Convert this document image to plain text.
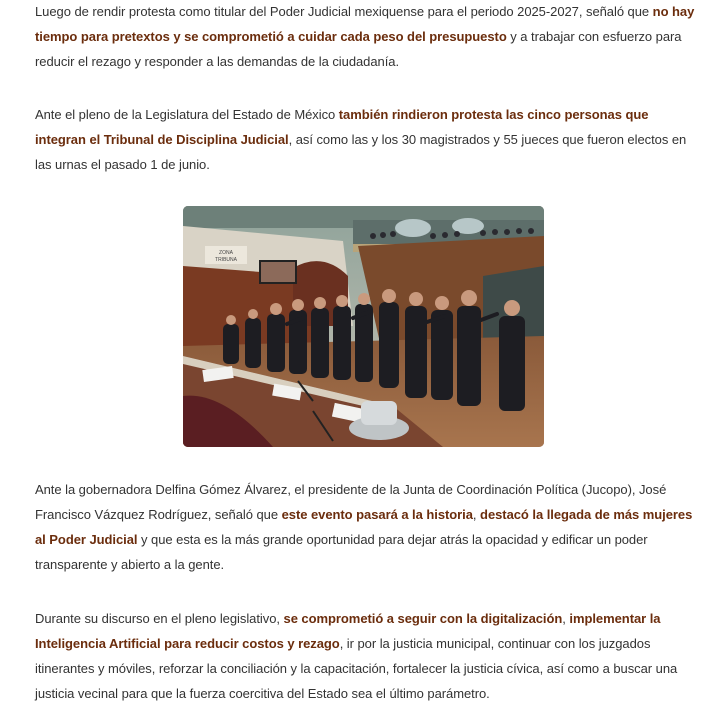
Luego de rendir protesta como titular del Poder Judicial mexiquense para el periodo 2025-2027, señaló que no hay tiempo para pretextos y se comprometió a cuidar cada peso del presupuesto y a trabajar con esfuerzo para reducir el rezago y responder a las demandas de la ciudadanía.

Ante el pleno de la Legislatura del Estado de México también rindieron protesta las cinco personas que integran el Tribunal de Disciplina Judicial, así como las y los 30 magistrados y 55 jueces que fueron electos en las urnas el pasado 1 de junio.

ZONA
TRIBUNA

Ante la gobernadora Delfina Gómez Álvarez, el presidente de la Junta de Coordinación Política (Jucopo), José Francisco Vázquez Rodríguez, señaló que este evento pasará a la historia, destacó la llegada de más mujeres al Poder Judicial y que esta es la más grande oportunidad para dejar atrás la opacidad y edificar un poder transparente y abierto a la gente.

Durante su discurso en el pleno legislativo, se comprometió a seguir con la digitalización, implementar la Inteligencia Artificial para reducir costos y rezago, ir por la justicia municipal, continuar con los juzgados itinerantes y móviles, reforzar la conciliación y la capacitación, fortalecer la justicia cívica, así como a buscar una justicia vecinal para que la fuerza coercitiva del Estado sea el último parámetro.
